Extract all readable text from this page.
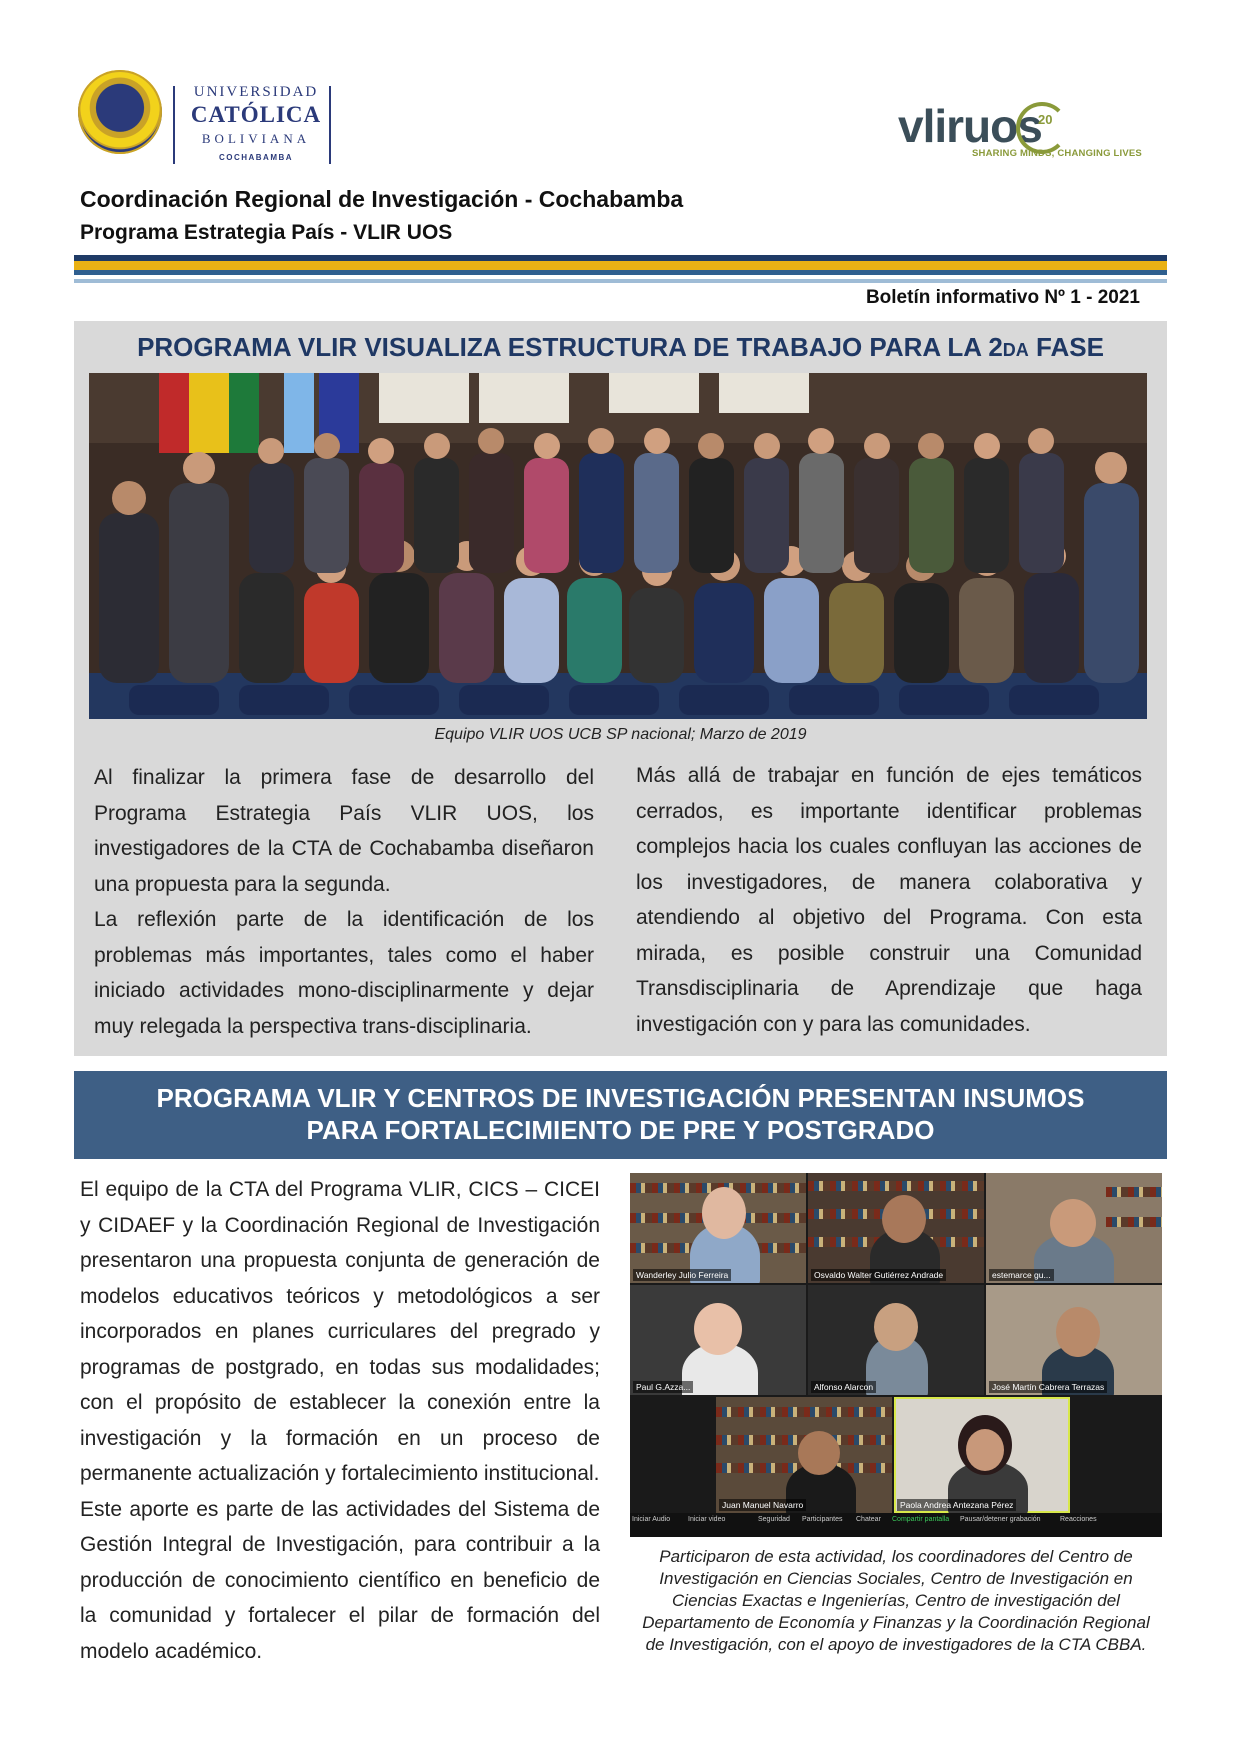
UNIVERSIDAD
CATÓLICA
BOLIVIANA
COCHABAMBA
vliruos
20
SHARING MINDS, CHANGING LIVES
Coordinación Regional de Investigación - Cochabamba
Programa Estrategia País - VLIR UOS
Boletín informativo Nº 1 - 2021
PROGRAMA VLIR VISUALIZA ESTRUCTURA DE TRABAJO PARA LA 2DA FASE
Equipo VLIR UOS UCB SP nacional; Marzo de 2019

Al finalizar la primera fase de desarrollo del Programa Estrategia País VLIR UOS, los investigadores de la CTA de Cochabamba diseñaron una propuesta para la segunda.

La reflexión parte de la identificación de los problemas más importantes, tales como el haber iniciado actividades mono-disciplinarmente y dejar muy relegada la perspectiva trans-disciplinaria.

Más allá de trabajar en función de ejes temáticos cerrados, es importante identificar problemas complejos hacia los cuales confluyan las acciones de los investigadores, de manera colaborativa y atendiendo al objetivo del Programa. Con esta mirada, es posible construir una Comunidad Transdisciplinaria de Aprendizaje que haga investigación con y para las comunidades.

PROGRAMA VLIR Y CENTROS DE INVESTIGACIÓN PRESENTAN INSUMOS
PARA FORTALECIMIENTO DE PRE Y POSTGRADO

El equipo de la CTA del Programa VLIR, CICS – CICEI y CIDAEF y la Coordinación Regional de Investigación presentaron una propuesta conjunta de generación de modelos educativos teóricos y metodológicos a ser incorporados en planes curriculares del pregrado y programas de postgrado, en todas sus modalidades; con el propósito de establecer la conexión entre la investigación y la formación en un proceso de permanente actualización y fortalecimiento institucional.

Este aporte es parte de las actividades del Sistema de Gestión Integral de Investigación, para contribuir a la producción de conocimiento científico en beneficio de la comunidad y fortalecer el pilar de formación del modelo académico.

Wanderley Julio Ferreira	Osvaldo Walter Gutiérrez Andrade	estemarce gu...
Paul G.Azza...	Alfonso Alarcon	José Martín Cabrera Terrazas
Juan Manuel Navarro	Paola Andrea Antezana Pérez
Iniciar Audio	Iniciar video	Seguridad Participantes Chatear Compartir pantalla Pausar/detener grabación	Reacciones
Participaron de esta actividad, los coordinadores del Centro de Investigación en Ciencias Sociales, Centro de Investigación en Ciencias Exactas e Ingenierías, Centro de investigación del Departamento de Economía y Finanzas y la Coordinación Regional de Investigación, con el apoyo de investigadores de la CTA CBBA.
